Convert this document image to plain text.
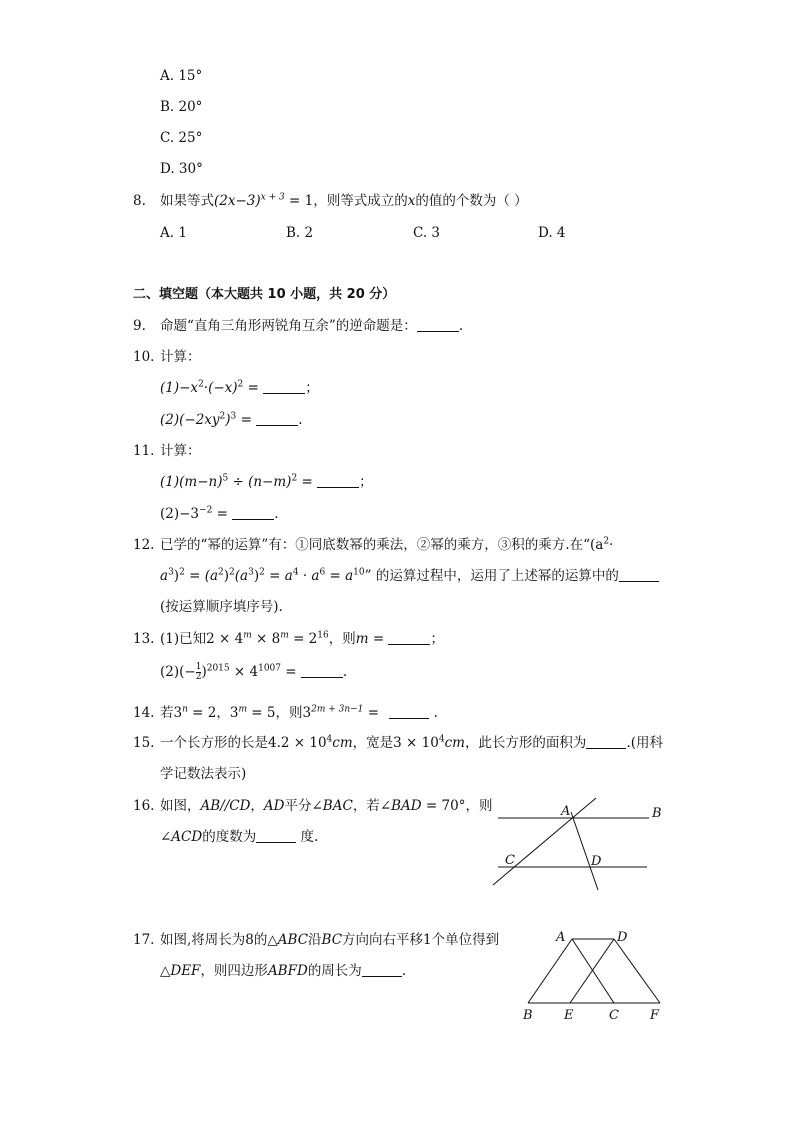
A. 15°
B. 20°
C. 25°
D. 30°
8. 如果等式$(2x-3)^{x + 3} = 1$，则等式成立的x的值的个数为（ ）
A. 1	B. 2	C. 3	D. 4
二、填空题（本大题共 10 小题，共 20 分）
9. 命题“直角三角形两锐角互余”的逆命题是：	.
10. 计算：
$(1)-x^2\cdot(-x)^2$ =	；
$(2)(-2xy^2)^3$ =	.
11. 计算：
$(1)(m-n)^5 \div (n-m)^2$ =	；
$(2)-3^{-2}$ =	.
12. 已学的“幂的运算”有：①同底数幂的乘法，②幂的乘方，③积的乘方.在“($a^2\cdot$
$a^3)^2 = (a^2)^2(a^3)^2 = a^4 \cdot a^6 = a^{10}$” 的运算过程中，运用了上述幂的运算中的
(按运算顺序填序号).
13. (1)已知$2 \times 4^m \times 8^m = 2^{16}$，则m =	；
$(2)(- \frac{1}{2} )^{2015} \times 4^{1007}$ =	.
14. 若$3^n = 2$，$3^m = 5$，则$3^{2m + 3n-1}$ =	.
15. 一个长方形的长是$4.2 \times 10^4cm$，宽是$3 \times 10^4cm$，此长方形的面积为	.(用科
学记数法表示)
16. 如图，AB//CD，AD平分∠BAC，若∠BAD = 70°，则
∠ACD的度数为	度.
A	B
C	D
17. 如图,将周长为8的△ABC沿BC方向向右平移1个单位得到
△DEF，则四边形ABFD的周长为	.
A	D
B E	C F
